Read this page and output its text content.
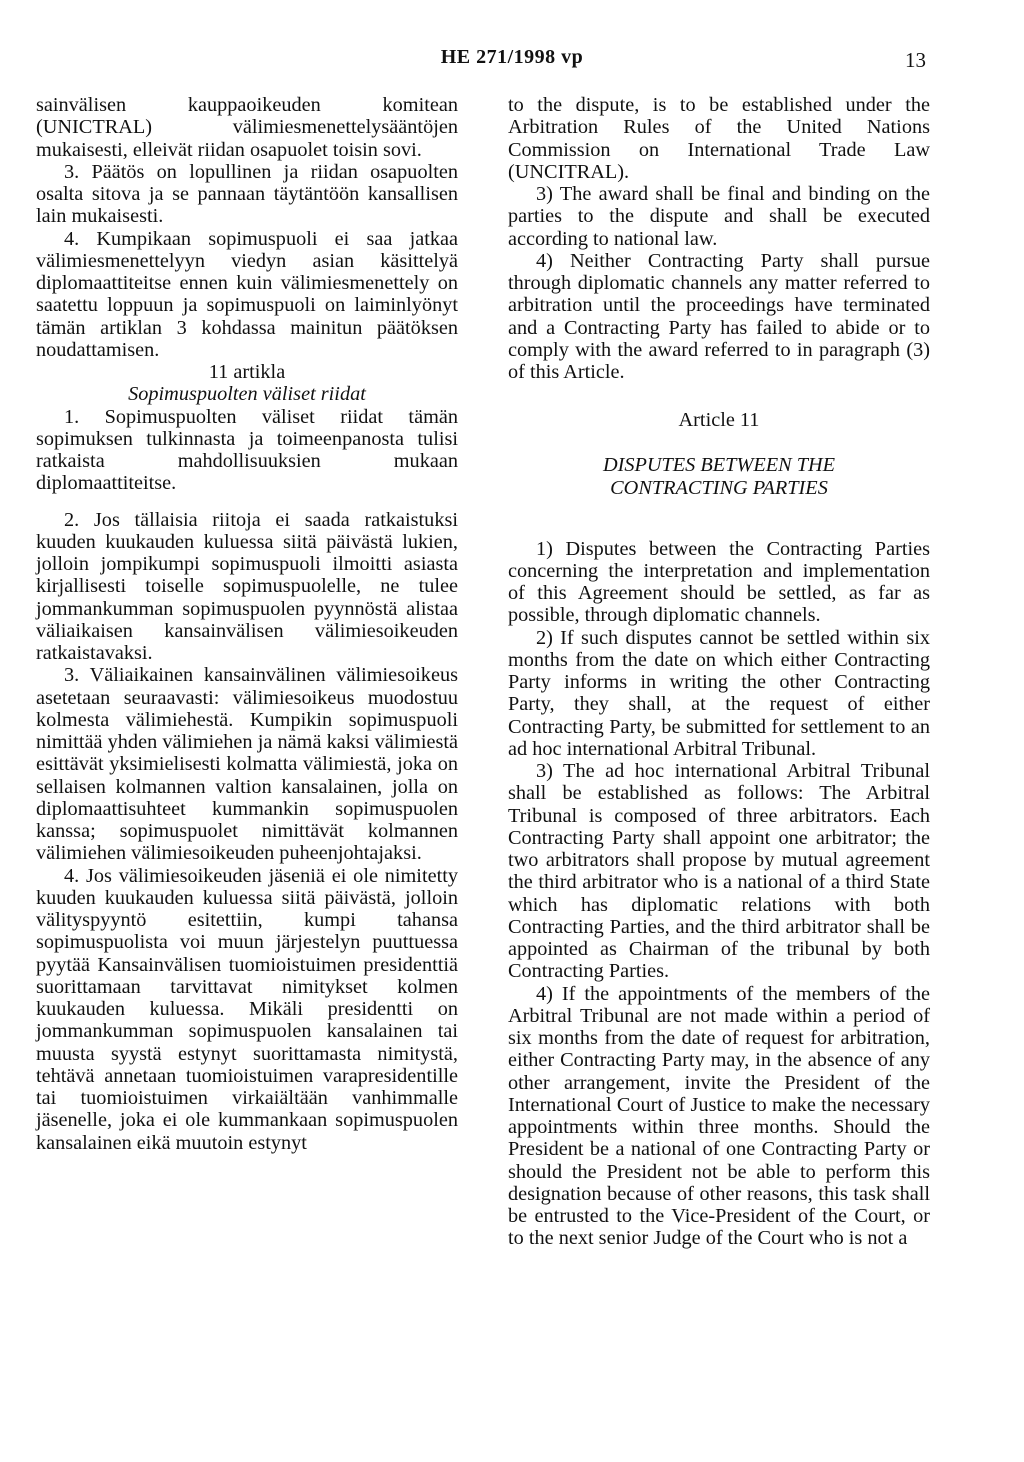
HE 271/1998 vp	13

sainvälisen kauppaoikeuden komitean (UNICTRAL) välimiesmenettelysääntöjen mukaisesti, elleivät riidan osapuolet toisin sovi.

3. Päätös on lopullinen ja riidan osapuolten osalta sitova ja se pannaan täytäntöön kansallisen lain mukaisesti.

4. Kumpikaan sopimuspuoli ei saa jatkaa välimiesmenettelyyn viedyn asian käsittelyä diplomaattiteitse ennen kuin välimiesmenettely on saatettu loppuun ja sopimuspuoli on laiminlyönyt tämän artiklan 3 kohdassa mainitun päätöksen noudattamisen.

11 artikla

Sopimuspuolten väliset riidat

1. Sopimuspuolten väliset riidat tämän sopimuksen tulkinnasta ja toimeenpanosta tulisi ratkaista mahdollisuuksien mukaan diplomaattiteitse.

2. Jos tällaisia riitoja ei saada ratkaistuksi kuuden kuukauden kuluessa siitä päivästä lukien, jolloin jompikumpi sopimuspuoli ilmoitti asiasta kirjallisesti toiselle sopimuspuolelle, ne tulee jommankumman sopimuspuolen pyynnöstä alistaa väliaikaisen kansainvälisen välimiesoikeuden ratkaistavaksi.

3. Väliaikainen kansainvälinen välimiesoikeus asetetaan seuraavasti: välimiesoikeus muodostuu kolmesta välimiehestä. Kumpikin sopimuspuoli nimittää yhden välimiehen ja nämä kaksi välimiestä esittävät yksimielisesti kolmatta välimiestä, joka on sellaisen kolmannen valtion kansalainen, jolla on diplomaattisuhteet kummankin sopimuspuolen kanssa; sopimuspuolet nimittävät kolmannen välimiehen välimiesoikeuden puheenjohtajaksi.

4. Jos välimiesoikeuden jäseniä ei ole nimitetty kuuden kuukauden kuluessa siitä päivästä, jolloin välityspyyntö esitettiin, kumpi tahansa sopimuspuolista voi muun järjestelyn puuttuessa pyytää Kansainvälisen tuomioistuimen presidenttiä suorittamaan tarvittavat nimitykset kolmen kuukauden kuluessa. Mikäli presidentti on jommankumman sopimuspuolen kansalainen tai muusta syystä estynyt suorittamasta nimitystä, tehtävä annetaan tuomioistuimen varapresidentille tai tuomioistuimen virkaiältään vanhimmalle jäsenelle, joka ei ole kummankaan sopimuspuolen kansalainen eikä muutoin estynyt

to the dispute, is to be established under the Arbitration Rules of the United Nations Commission on International Trade Law (UNCITRAL).

3) The award shall be final and binding on the parties to the dispute and shall be executed according to national law.

4) Neither Contracting Party shall pursue through diplomatic channels any matter referred to arbitration until the proceedings have terminated and a Contracting Party has failed to abide or to comply with the award referred to in paragraph (3) of this Article.

Article 11

DISPUTES BETWEEN THE
CONTRACTING PARTIES

1) Disputes between the Contracting Parties concerning the interpretation and implementation of this Agreement should be settled, as far as possible, through diplomatic channels.

2) If such disputes cannot be settled within six months from the date on which either Contracting Party informs in writing the other Contracting Party, they shall, at the request of either Contracting Party, be submitted for settlement to an ad hoc international Arbitral Tribunal.

3) The ad hoc international Arbitral Tribunal shall be established as follows: The Arbitral Tribunal is composed of three arbitrators. Each Contracting Party shall appoint one arbitrator; the two arbitrators shall propose by mutual agreement the third arbitrator who is a national of a third State which has diplomatic relations with both Contracting Parties, and the third arbitrator shall be appointed as Chairman of the tribunal by both Contracting Parties.

4) If the appointments of the members of the Arbitral Tribunal are not made within a period of six months from the date of request for arbitration, either Contracting Party may, in the absence of any other arrangement, invite the President of the International Court of Justice to make the necessary appointments within three months. Should the President be a national of one Contracting Party or should the President not be able to perform this designation because of other reasons, this task shall be entrusted to the Vice-President of the Court, or to the next senior Judge of the Court who is not a
